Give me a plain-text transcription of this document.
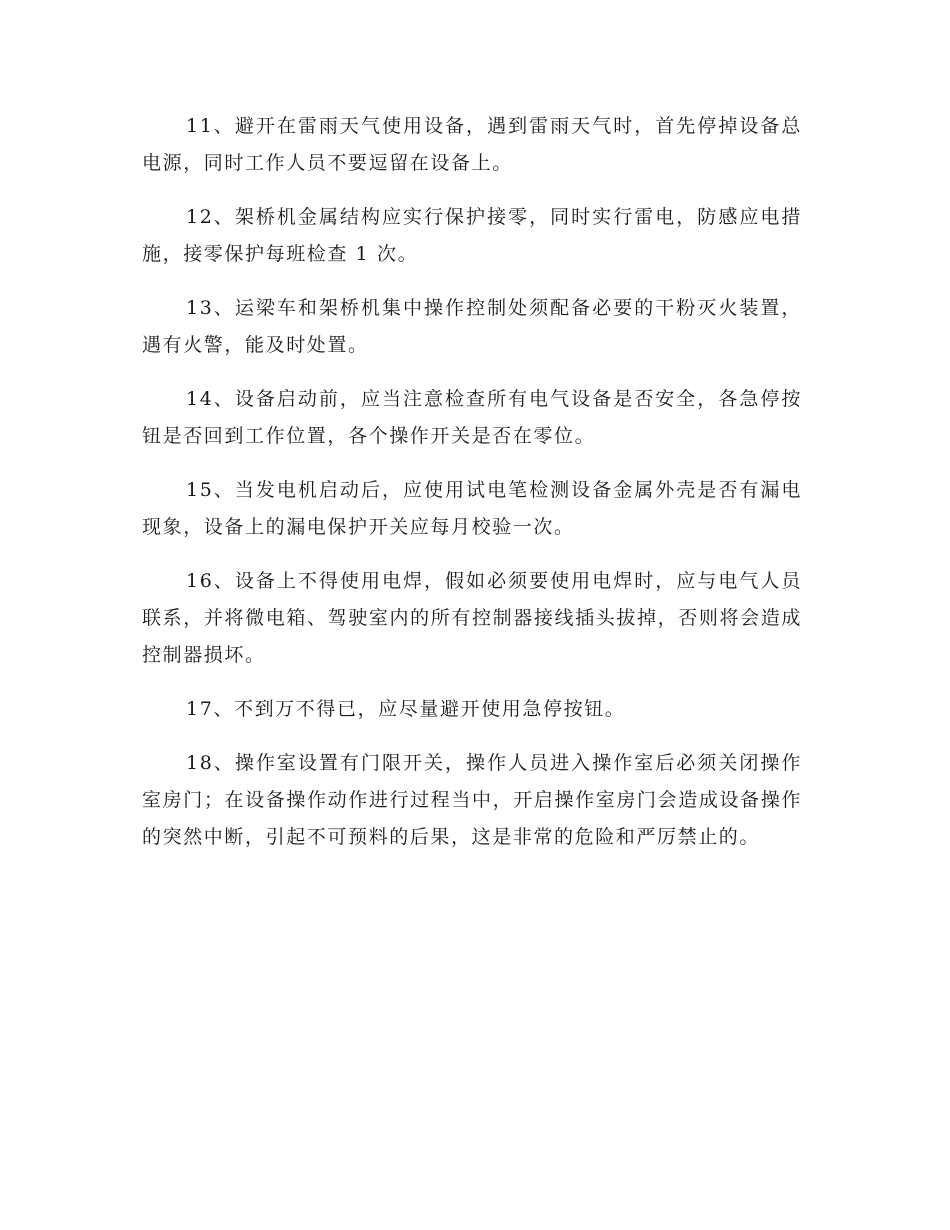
11、避开在雷雨天气使用设备，遇到雷雨天气时，首先停掉设备总电源，同时工作人员不要逗留在设备上。

12、架桥机金属结构应实行保护接零，同时实行雷电，防感应电措施，接零保护每班检查 1 次。

13、运梁车和架桥机集中操作控制处须配备必要的干粉灭火装置，遇有火警，能及时处置。

14、设备启动前，应当注意检查所有电气设备是否安全，各急停按钮是否回到工作位置，各个操作开关是否在零位。

15、当发电机启动后，应使用试电笔检测设备金属外壳是否有漏电现象，设备上的漏电保护开关应每月校验一次。

16、设备上不得使用电焊，假如必须要使用电焊时，应与电气人员联系，并将微电箱、驾驶室内的所有控制器接线插头拔掉，否则将会造成控制器损坏。

17、不到万不得已，应尽量避开使用急停按钮。

18、操作室设置有门限开关，操作人员进入操作室后必须关闭操作室房门；在设备操作动作进行过程当中，开启操作室房门会造成设备操作的突然中断，引起不可预料的后果，这是非常的危险和严厉禁止的。
